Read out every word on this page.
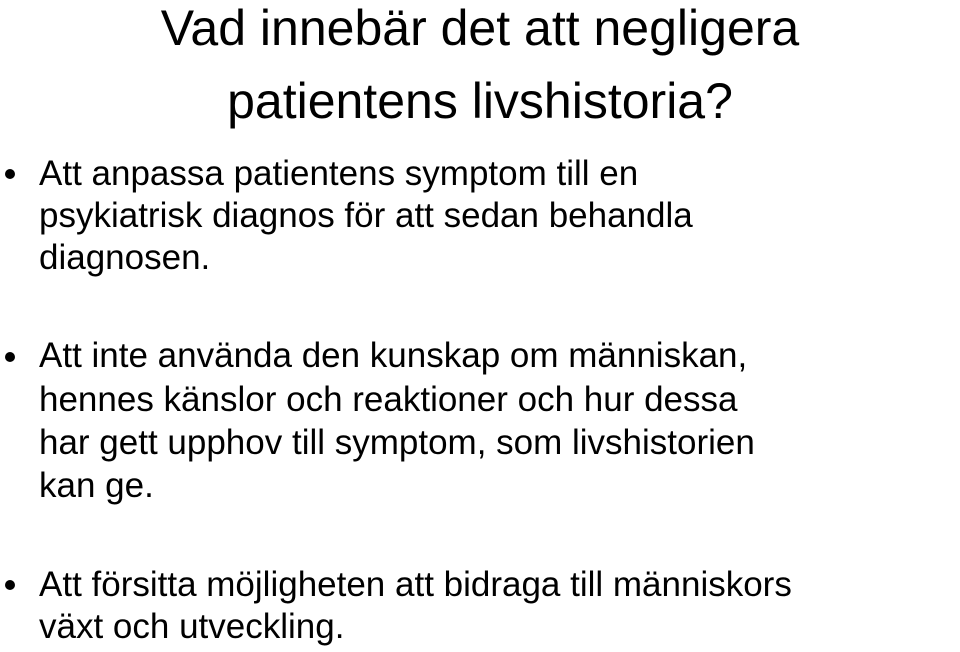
Vad innebär det att negligera
patientens livshistoria?
Att anpassa patientens symptom till en
psykiatrisk diagnos för att sedan behandla
diagnosen.
Att inte använda den kunskap om människan,
hennes känslor och reaktioner och hur dessa
har gett upphov till symptom, som livshistorien
kan ge.
Att försitta möjligheten att bidraga till människors
växt och utveckling.
